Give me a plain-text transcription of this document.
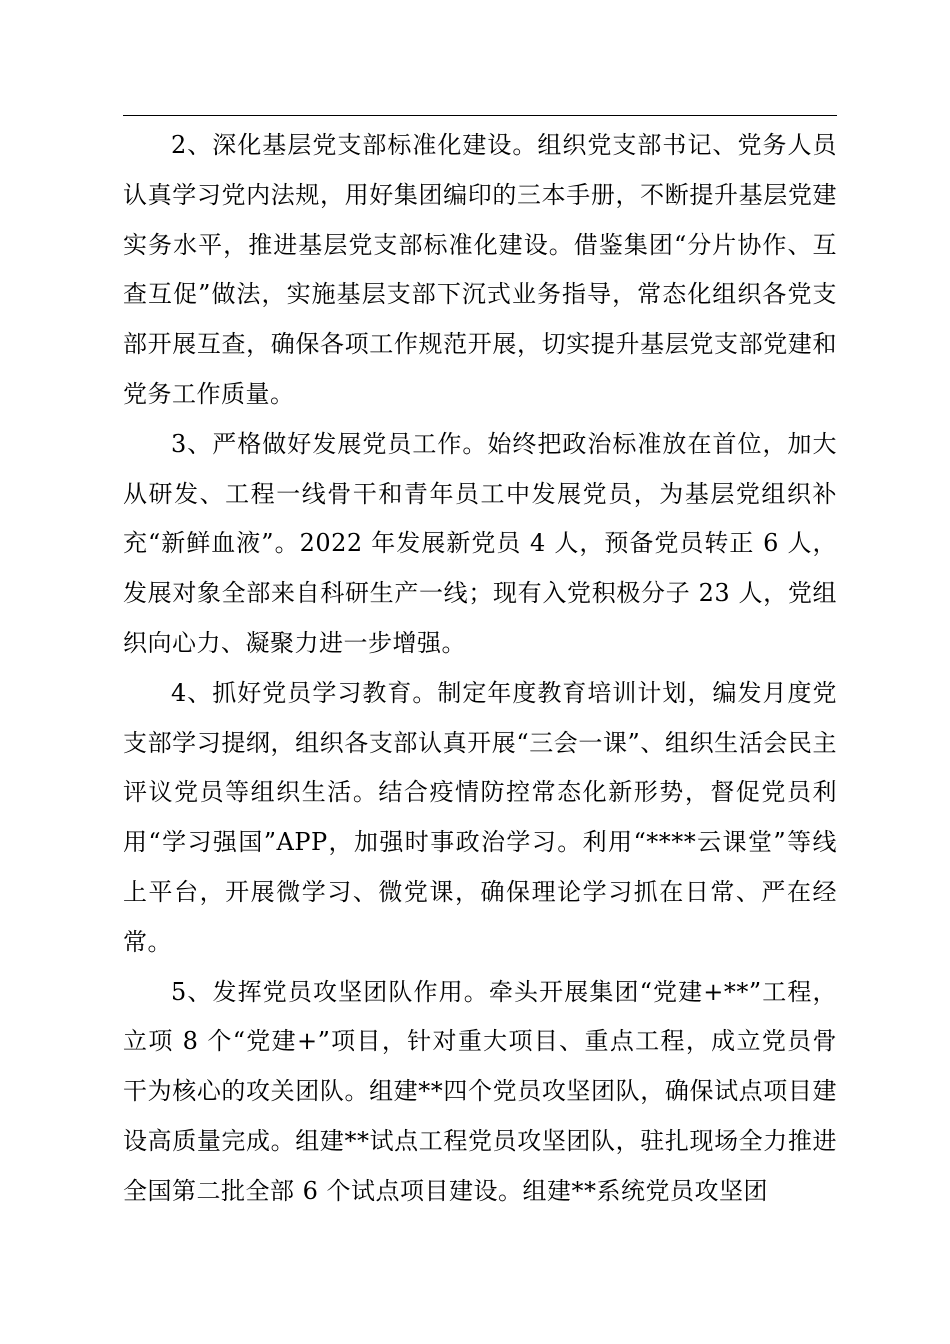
2、深化基层党支部标准化建设。组织党支部书记、党务人员认真学习党内法规，用好集团编印的三本手册，不断提升基层党建实务水平，推进基层党支部标准化建设。借鉴集团“分片协作、互查互促”做法，实施基层支部下沉式业务指导，常态化组织各党支部开展互查，确保各项工作规范开展，切实提升基层党支部党建和党务工作质量。

3、严格做好发展党员工作。始终把政治标准放在首位，加大从研发、工程一线骨干和青年员工中发展党员，为基层党组织补充“新鲜血液”。2022 年发展新党员 4 人，预备党员转正 6 人，发展对象全部来自科研生产一线；现有入党积极分子 23 人，党组织向心力、凝聚力进一步增强。

4、抓好党员学习教育。制定年度教育培训计划，编发月度党支部学习提纲，组织各支部认真开展“三会一课”、组织生活会民主评议党员等组织生活。结合疫情防控常态化新形势，督促党员利用“学习强国”APP，加强时事政治学习。利用“****云课堂”等线上平台，开展微学习、微党课，确保理论学习抓在日常、严在经常。

5、发挥党员攻坚团队作用。牵头开展集团“党建+**”工程，立项 8 个“党建+”项目，针对重大项目、重点工程，成立党员骨干为核心的攻关团队。组建**四个党员攻坚团队，确保试点项目建设高质量完成。组建**试点工程党员攻坚团队，驻扎现场全力推进全国第二批全部 6 个试点项目建设。组建**系统党员攻坚团
